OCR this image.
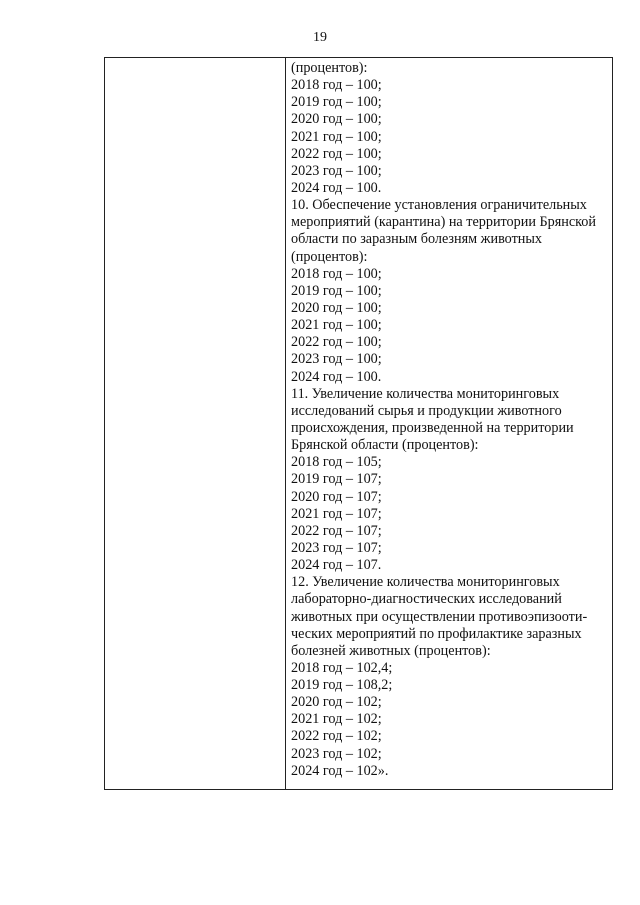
19
(процентов):
2018 год – 100;
2019 год – 100;
2020 год – 100;
2021 год – 100;
2022 год – 100;
2023 год – 100;
2024 год – 100.
10. Обеспечение установления ограничительных
мероприятий (карантина) на территории Брянской
области по заразным болезням животных
(процентов):
2018 год – 100;
2019 год – 100;
2020 год – 100;
2021 год – 100;
2022 год – 100;
2023 год – 100;
2024 год – 100.
11. Увеличение количества мониторинговых
исследований сырья и продукции животного
происхождения, произведенной на территории
Брянской области (процентов):
2018 год – 105;
2019 год – 107;
2020 год – 107;
2021 год – 107;
2022 год – 107;
2023 год – 107;
2024 год – 107.
12. Увеличение количества мониторинговых
лабораторно-диагностических исследований
животных при осуществлении противоэпизооти-
ческих мероприятий по профилактике заразных
болезней животных (процентов):
2018 год – 102,4;
2019 год – 108,2;
2020 год – 102;
2021 год – 102;
2022 год – 102;
2023 год – 102;
2024 год – 102».
